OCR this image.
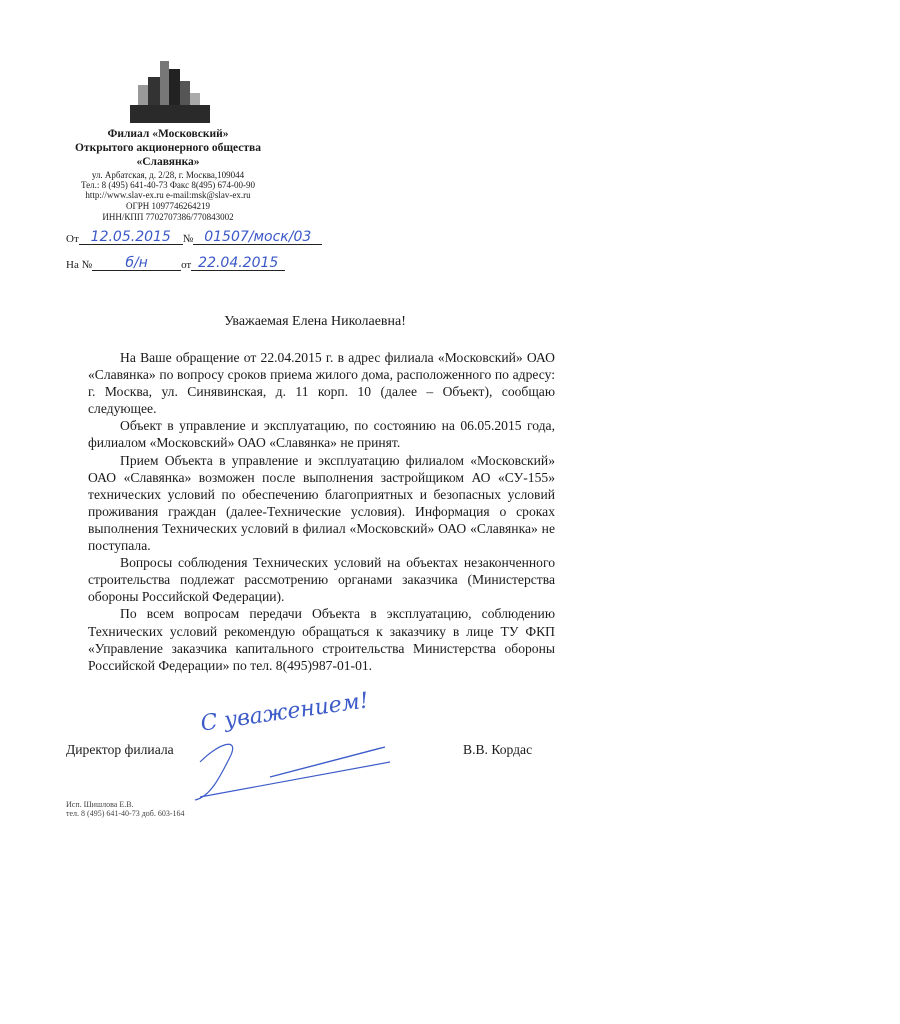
Филиал «Московский»
Открытого акционерного общества
«Славянка»
ул. Арбатская, д. 2/28, г. Москва,109044
Тел.: 8 (495) 641-40-73 Факс 8(495) 674-00-90
http://www.slav-ex.ru e-mail:msk@slav-ex.ru
ОГРН 1097746264219
ИНН/КПП 7702707386/770843002
От 12.05.2015	№ 01507/моск/03
На №	б/н	от 22.04.2015
Уважаемая Елена Николаевна!

На Ваше обращение от 22.04.2015 г. в адрес филиала «Московский» ОАО «Славянка» по вопросу сроков приема жилого дома, расположенного по адресу: г. Москва, ул. Синявинская, д. 11 корп. 10 (далее – Объект), сообщаю следующее.

Объект в управление и эксплуатацию, по состоянию на 06.05.2015 года, филиалом «Московский» ОАО «Славянка» не принят.

Прием Объекта в управление и эксплуатацию филиалом «Московский» ОАО «Славянка» возможен после выполнения застройщиком АО «СУ-155» технических условий по обеспечению благоприятных и безопасных условий проживания граждан (далее-Технические условия). Информация о сроках выполнения Технических условий в филиал «Московский» ОАО «Славянка» не поступала.

Вопросы соблюдения Технических условий на объектах незаконченного строительства подлежат рассмотрению органами заказчика (Министерства обороны Российской Федерации).

По всем вопросам передачи Объекта в эксплуатацию, соблюдению Технических условий рекомендую обращаться к заказчику в лице ТУ ФКП «Управление заказчика капитального строительства Министерства обороны Российской Федерации» по тел. 8(495)987-01-01.

С уважением!
Директор филиала	В.В. Кордас
Исп. Шишлова Е.В.
тел. 8 (495) 641-40-73 доб. 603-164
